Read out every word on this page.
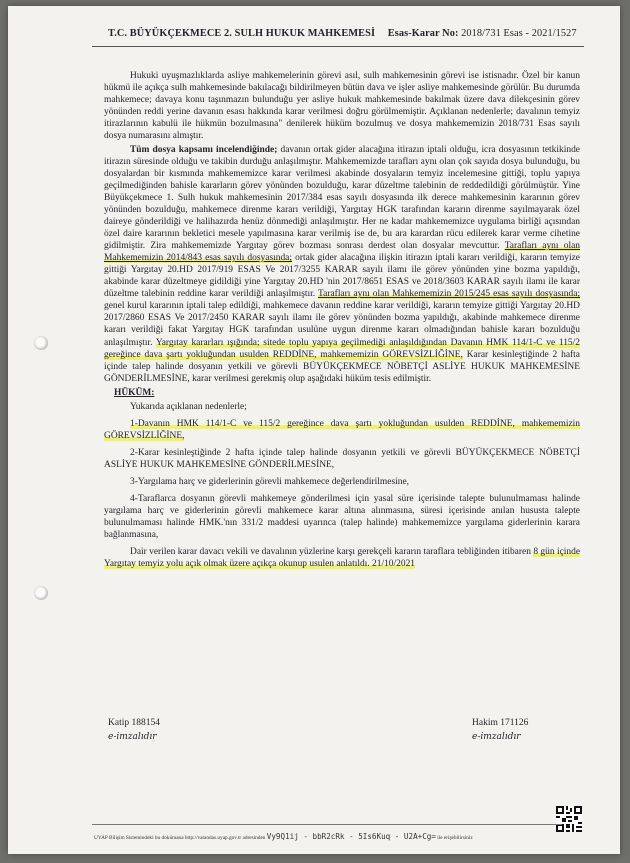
T.C. BÜYÜKÇEKMECE 2. SULH HUKUK MAHKEMESİ Esas-Karar No: 2018/731 Esas - 2021/1527

Hukuki uyuşmazlıklarda asliye mahkemelerinin görevi asıl, sulh mahkemesinin görevi ise istisnadır. Özel bir kanun hükmü ile açıkça sulh mahkemesinde bakılacağı bildirilmeyen bütün dava ve işler asliye mahkemesinde görülür. Bu durumda mahkemece; davaya konu taşınmazın bulunduğu yer asliye hukuk mahkemesinde bakılmak üzere dava dilekçesinin görev yönünden reddi yerine davanın esası hakkında karar verilmesi doğru görülmemiştir. Açıklanan nedenlerle; davalının temyiz itirazlarının kabulü ile hükmün bozulmasına" denilerek hüküm bozulmuş ve dosya mahkememizin 2018/731 Esas sayılı dosya numarasını almıştır.

Tüm dosya kapsamı incelendiğinde; davanın ortak gider alacağına itirazın iptali olduğu, icra dosyasının tetkikinde itirazın süresinde olduğu ve takibin durduğu anlaşılmıştır. Mahkememizde tarafları aynı olan çok sayıda dosya bulunduğu, bu dosyalardan bir kısmında mahkememizce karar verilmesi akabinde dosyaların temyiz incelemesine gittiği, toplu yapıya geçilmediğinden bahisle kararların görev yönünden bozulduğu, karar düzeltme talebinin de reddedildiği görülmüştür. Yine Büyükçekmece 1. Sulh hukuk mahkemesinin 2017/384 esas sayılı dosyasında ilk derece mahkemesinin kararının görev yönünden bozulduğu, mahkemece direnme kararı verildiği, Yargıtay HGK tarafından kararın direnme sayılmayarak özel daireye gönderildiği ve halihazırda henüz dönmediği anlaşılmıştır. Her ne kadar mahkememizce uygulama birliği açısından özel daire kararının bekletici mesele yapılmasına karar verilmiş ise de, bu ara karardan rücu edilerek karar verme cihetine gidilmiştir. Zira mahkememizde Yargıtay görev bozması sonrası derdest olan dosyalar mevcuttur. Tarafları aynı olan Mahkememizin 2014/843 esas sayılı dosyasında; ortak gider alacağına ilişkin itirazın iptali kararı verildiği, kararın temyize gittiği Yargıtay 20.HD 2017/919 ESAS Ve 2017/3255 KARAR sayılı ilamı ile görev yönünden yine bozma yapıldığı, akabinde karar düzeltmeye gidildiği yine Yargıtay 20.HD 'nin 2017/8651 ESAS ve 2018/3603 KARAR sayılı ilamı ile karar düzeltme talebinin reddine karar verildiği anlaşılmıştır. Tarafları aynı olan Mahkememizin 2015/245 esas sayılı dosyasında; genel kurul kararının iptali talep edildiği, mahkemece davanın reddine karar verildiği, kararın temyize gittiği Yargıtay 20.HD 2017/2860 ESAS Ve 2017/2450 KARAR sayılı ilamı ile görev yönünden bozma yapıldığı, akabinde mahkemece direnme kararı verildiği fakat Yargıtay HGK tarafından usulüne uygun direnme kararı olmadığından bahisle kararı bozulduğu anlaşılmıştır. Yargıtay kararları ışığında; sitede toplu yapıya geçilmediği anlaşıldığından Davanın HMK 114/1-C ve 115/2 gereğince dava şartı yokluğundan usulden REDDİNE, mahkememizin GÖREVSİZLİĞİNE, Karar kesinleştiğinde 2 hafta içinde talep halinde dosyanın yetkili ve görevli BÜYÜKÇEKMECE NÖBETÇİ ASLİYE HUKUK MAHKEMESİNE GÖNDERİLMESİNE, karar verilmesi gerekmiş olup aşağıdaki hüküm tesis edilmiştir.

HÜKÜM:

Yukarıda açıklanan nedenlerle;

1-Davanın HMK 114/1-C ve 115/2 gereğince dava şartı yokluğundan usulden REDDİNE, mahkememizin GÖREVSİZLİĞİNE,

2-Karar kesinleştiğinde 2 hafta içinde talep halinde dosyanın yetkili ve görevli BÜYÜKÇEKMECE NÖBETÇİ ASLİYE HUKUK MAHKEMESİNE GÖNDERİLMESİNE,

3-Yargılama harç ve giderlerinin görevli mahkemece değerlendirilmesine,

4-Taraflarca dosyanın görevli mahkemeye gönderilmesi için yasal süre içerisinde talepte bulunulmaması halinde yargılama harç ve giderlerinin görevli mahkemece karar altına alınmasına, süresi içerisinde anılan hususta talepte bulunulmaması halinde HMK.'nın 331/2 maddesi uyarınca (talep halinde) mahkememizce yargılama giderlerinin karara bağlanmasına,

Dair verilen karar davacı vekili ve davalının yüzlerine karşı gerekçeli kararın taraflara tebliğinden itibaren 8 gün içinde Yargıtay temyiz yolu açık olmak üzere açıkça okunup usulen anlatıldı. 21/10/2021

Katip 188154
e-imzalıdır
Hakim 171126
e-imzalıdır
UYAP Bilişim Sistemindeki bu dokümana http://vatandas.uyap.gov.tr adresinden Vy9Q1ij - bbR2cRk - 5Is6Kuq - U2A+Cg= ile erişebilirsiniz
